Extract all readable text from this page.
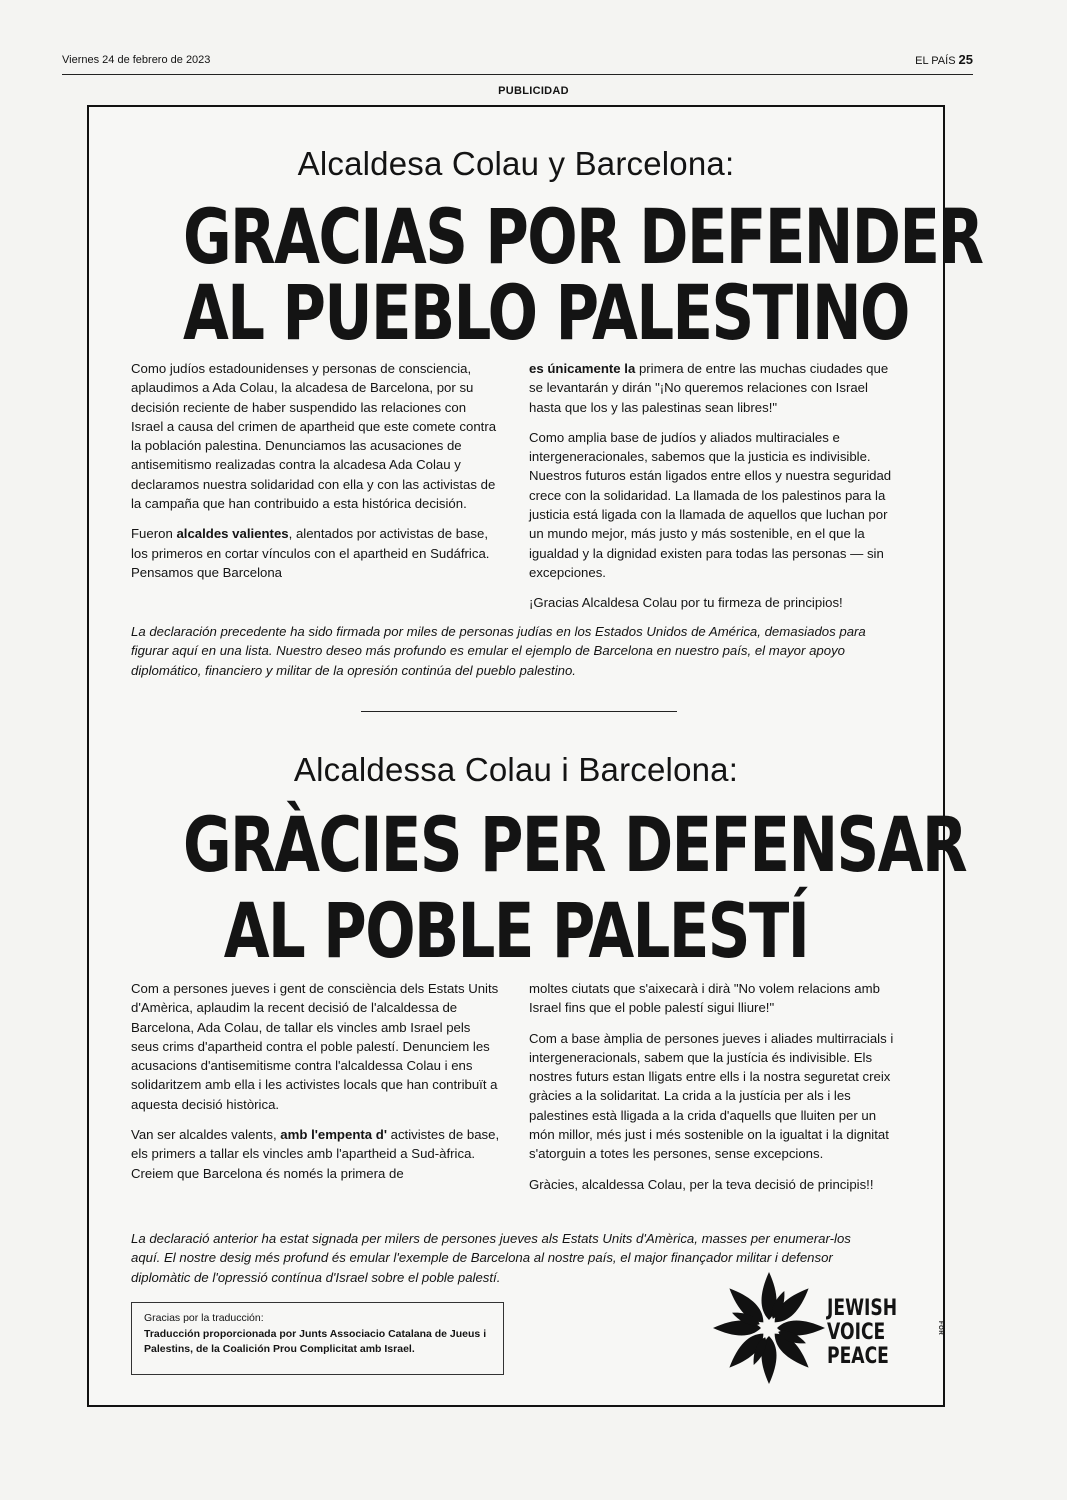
Viernes 24 de febrero de 2023	EL PAÍS 25
PUBLICIDAD
Alcaldesa Colau y Barcelona:
GRACIAS POR DEFENDER
AL PUEBLO PALESTINO

Como judíos estadounidenses y personas de consciencia, aplaudimos a Ada Colau, la alcadesa de Barcelona, por su decisión reciente de haber suspendido las relaciones con Israel a causa del crimen de apartheid que este comete contra la población palestina. Denunciamos las acusaciones de antisemitismo realizadas contra la alcadesa Ada Colau y declaramos nuestra solidaridad con ella y con las activistas de la campaña que han contribuido a esta histórica decisión.

Fueron alcaldes valientes, alentados por activistas de base, los primeros en cortar vínculos con el apartheid en Sudáfrica. Pensamos que Barcelona

es únicamente la primera de entre las muchas ciudades que se levantarán y dirán "¡No queremos relaciones con Israel hasta que los y las palestinas sean libres!"

Como amplia base de judíos y aliados multiraciales e intergeneracionales, sabemos que la justicia es indivisible. Nuestros futuros están ligados entre ellos y nuestra seguridad crece con la solidaridad. La llamada de los palestinos para la justicia está ligada con la llamada de aquellos que luchan por un mundo mejor, más justo y más sostenible, en el que la igualdad y la dignidad existen para todas las personas — sin excepciones.

¡Gracias Alcaldesa Colau por tu firmeza de principios!

La declaración precedente ha sido firmada por miles de personas judías en los Estados Unidos de América, demasiados para figurar aquí en una lista. Nuestro deseo más profundo es emular el ejemplo de Barcelona en nuestro país, el mayor apoyo diplomático, financiero y militar de la opresión continúa del pueblo palestino.
Alcaldessa Colau i Barcelona:
GRÀCIES PER DEFENSAR
AL POBLE PALESTÍ

Com a persones jueves i gent de consciència dels Estats Units d'Amèrica, aplaudim la recent decisió de l'alcaldessa de Barcelona, Ada Colau, de tallar els vincles amb Israel pels seus crims d'apartheid contra el poble palestí. Denunciem les acusacions d'antisemitisme contra l'alcaldessa Colau i ens solidaritzem amb ella i les activistes locals que han contribuït a aquesta decisió històrica.

Van ser alcaldes valents, amb l'empenta d' activistes de base, els primers a tallar els vincles amb l'apartheid a Sud-àfrica. Creiem que Barcelona és només la primera de

moltes ciutats que s'aixecarà i dirà "No volem relacions amb Israel fins que el poble palestí sigui lliure!"

Com a base àmplia de persones jueves i aliades multirracials i intergeneracionals, sabem que la justícia és indivisible. Els nostres futurs estan lligats entre ells i la nostra seguretat creix gràcies a la solidaritat. La crida a la justícia per als i les palestines està lligada a la crida d'aquells que lluiten per un món millor, més just i més sostenible on la igualtat i la dignitat s'atorguin a totes les persones, sense excepcions.

Gràcies, alcaldessa Colau, per la teva decisió de principis!!

La declaració anterior ha estat signada per milers de persones jueves als Estats Units d'Amèrica, masses per enumerar-los aquí. El nostre desig més profund és emular l'exemple de Barcelona al nostre país, el major finançador militar i defensor diplomàtic de l'opressió contínua d'Israel sobre el poble palestí.
Gracias por la traducción:
Traducción proporcionada por Junts Associacio Catalana de Jueus i Palestins, de la Coalición Prou Complicitat amb Israel.
JEWISH
VOICE
PEACE
FOR
